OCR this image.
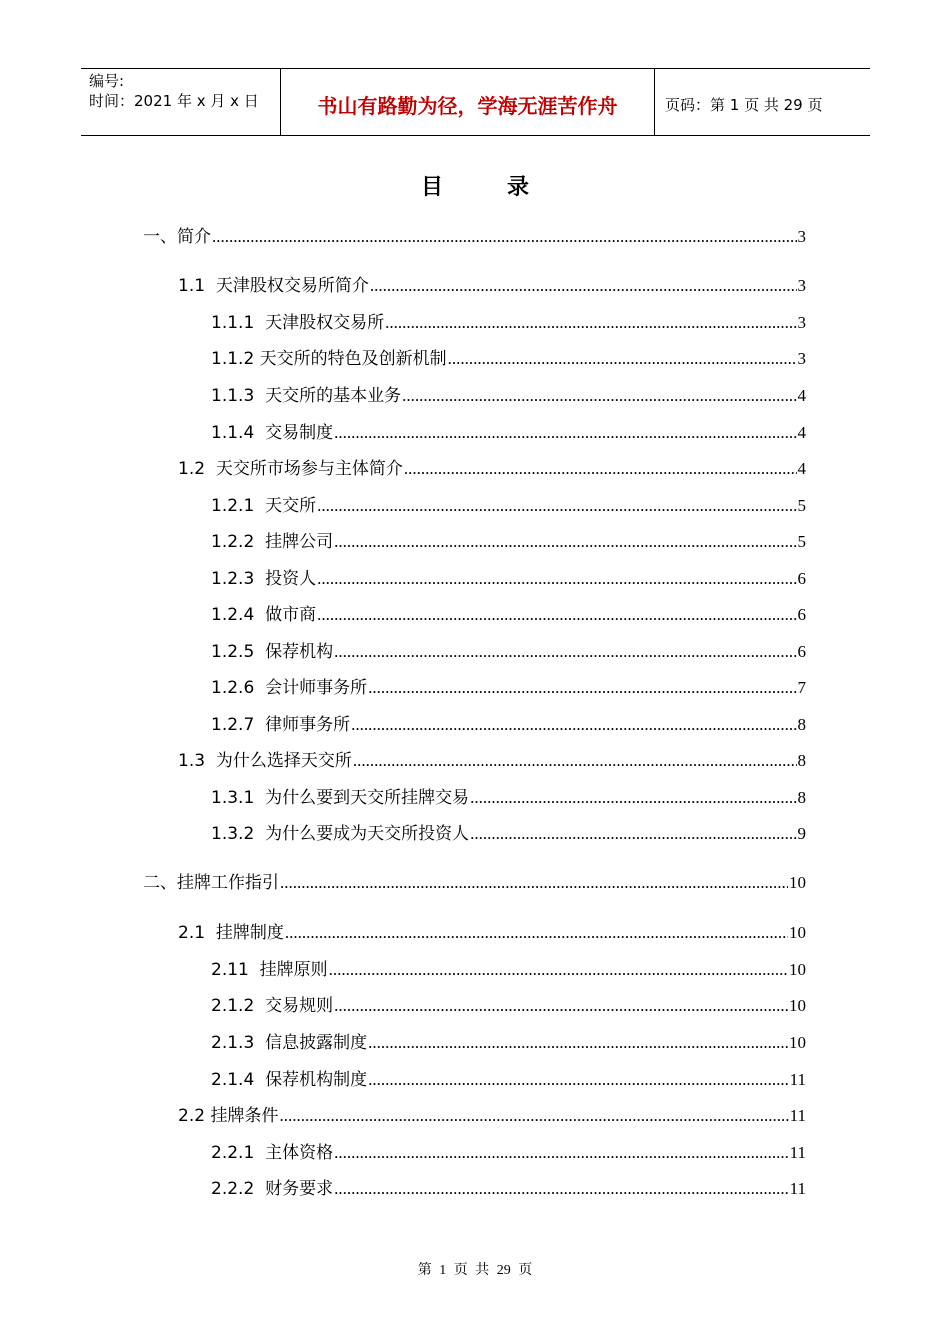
编号:
时间：2021 年 x 月 x 日	书山有路勤为径，学海无涯苦作舟	页码：第 1 页 共 29 页
目录
一、简介 .....	3
1.1  天津股权交易所简介 .....	3
1.1.1  天津股权交易所 .....	3
1.1.2 天交所的特色及创新机制 .....	3
1.1.3  天交所的基本业务 .....	4
1.1.4  交易制度 .....	4
1.2  天交所市场参与主体简介 .....	4
1.2.1  天交所 .....	5
1.2.2  挂牌公司 .....	5
1.2.3  投资人 .....	6
1.2.4  做市商 .....	6
1.2.5  保荐机构 .....	6
1.2.6  会计师事务所 .....	7
1.2.7  律师事务所 .....	8
1.3  为什么选择天交所 .....	8
1.3.1  为什么要到天交所挂牌交易 .....	8
1.3.2  为什么要成为天交所投资人 .....	9
二、挂牌工作指引 .....	10
2.1  挂牌制度 .....	10
2.11  挂牌原则 .....	10
2.1.2  交易规则 .....	10
2.1.3  信息披露制度 .....	10
2.1.4  保荐机构制度 .....	11
2.2 挂牌条件 .....	11
2.2.1  主体资格 .....	11
2.2.2  财务要求 .....	11
第 1 页 共 29 页
